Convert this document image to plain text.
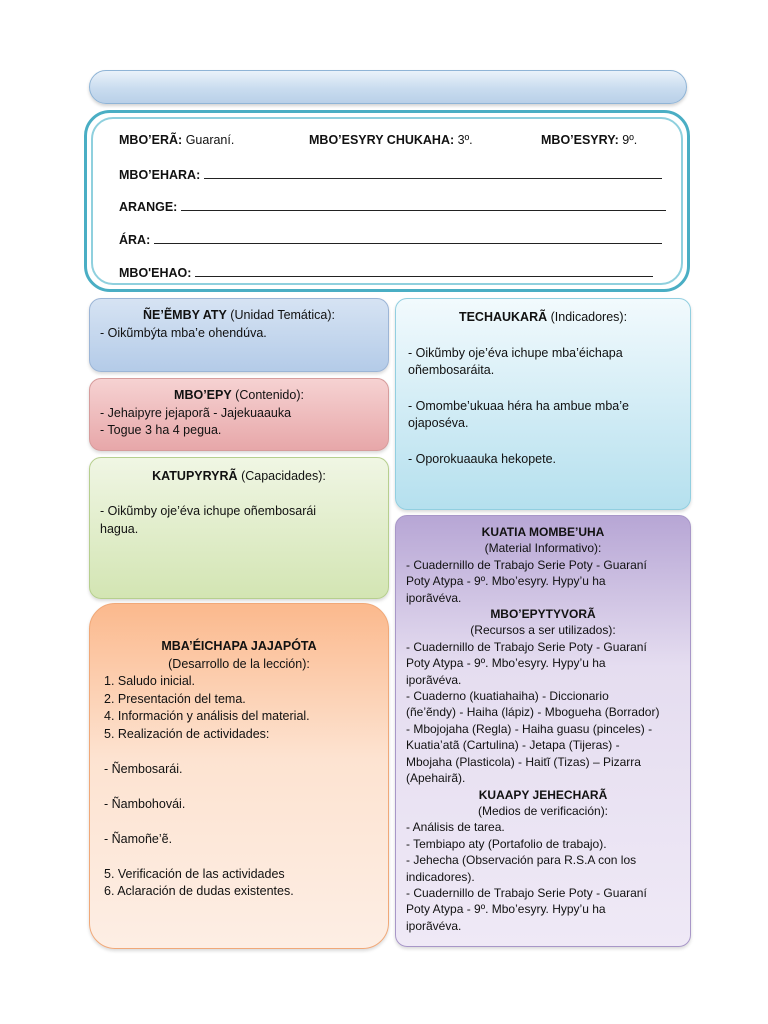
MBO’ERÃ: Guaraní.	MBO’ESYRY CHUKAHA: 3º.	MBO’ESYRY: 9º.
MBO’EHARA:
ARANGE:
ÁRA:
MBO'EHAO:

ÑE’ẼMBY ATY (Unidad Temática):

- Oikũmbýta mba’e ohendúva.

MBO’EPY (Contenido):

- Jehaipyre jejaporã - Jajekuaauka

- Togue 3 ha 4 pegua.

KATUPYRYRÃ (Capacidades):

- Oikũmby oje’éva ichupe oñembosarái

hagua.

MBA’ÉICHAPA JAJAPÓTA

(Desarrollo de la lección):

1. Saludo inicial.

2. Presentación del tema.

4. Información y análisis del material.

5. Realización de actividades:

- Ñembosarái.

- Ñambohovái.

- Ñamoñe’ẽ.

5. Verificación de las actividades

6. Aclaración de dudas existentes.

TECHAUKARÃ (Indicadores):

- Oikũmby oje’éva ichupe mba’éichapa

oñembosaráita.

- Omombe’ukuaa héra ha ambue mba’e

ojaposéva.

- Oporokuaauka hekopete.

KUATIA MOMBE’UHA

(Material Informativo):

- Cuadernillo de Trabajo Serie Poty - Guaraní

Poty Atypa - 9º. Mbo’esyry. Hypy’u ha

iporãvéva.

MBO’EPYTYVORÃ

(Recursos a ser utilizados):

- Cuadernillo de Trabajo Serie Poty - Guaraní

Poty Atypa - 9º. Mbo’esyry. Hypy’u ha

iporãvéva.

- Cuaderno (kuatiahaiha) - Diccionario

(ñe’ẽndy) - Haiha (lápiz) - Mbogueha (Borrador)

- Mbojojaha (Regla) - Haiha guasu (pinceles) -

Kuatia’atã (Cartulina) - Jetapa (Tijeras) -

Mbojaha (Plasticola) - Haitĩ (Tizas) – Pizarra

(Apehairã).

KUAAPY JEHECHARÃ

(Medios de verificación):

- Análisis de tarea.

- Tembiapo aty (Portafolio de trabajo).

- Jehecha (Observación para R.S.A con los

indicadores).

- Cuadernillo de Trabajo Serie Poty - Guaraní

Poty Atypa - 9º. Mbo’esyry. Hypy’u ha

iporãvéva.
